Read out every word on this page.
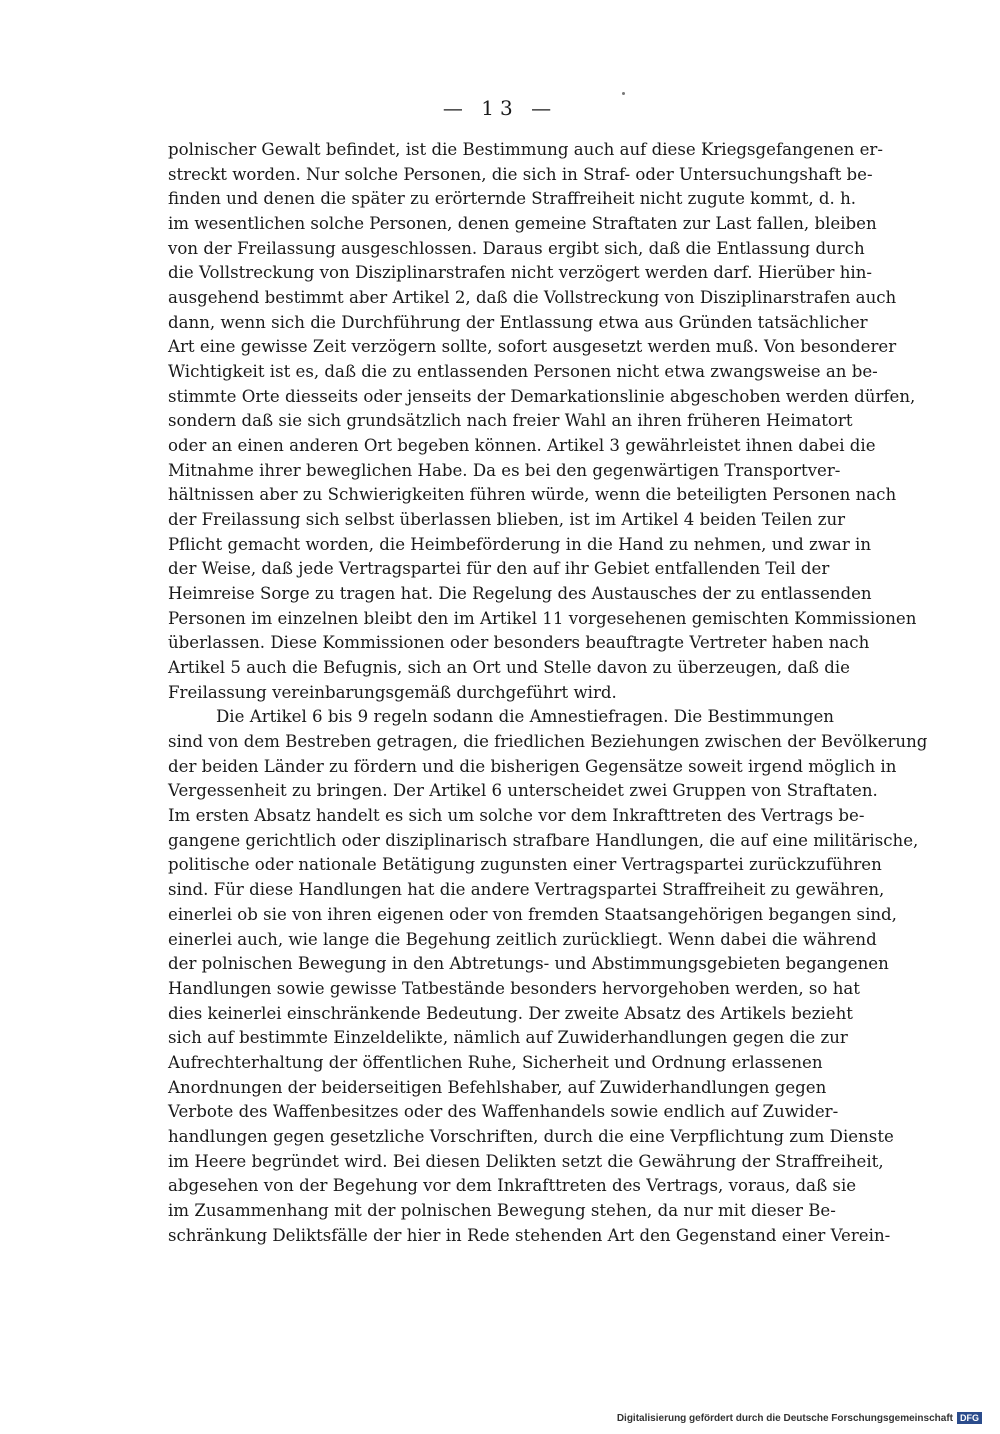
— 13 —
polnischer Gewalt befindet, ist die Bestimmung auch auf diese Kriegsgefangenen er-
streckt worden. Nur solche Personen, die sich in Straf- oder Untersuchungshaft be-
finden und denen die später zu erörternde Straffreiheit nicht zugute kommt, d. h.
im wesentlichen solche Personen, denen gemeine Straftaten zur Last fallen, bleiben
von der Freilassung ausgeschlossen. Daraus ergibt sich, daß die Entlassung durch
die Vollstreckung von Disziplinarstrafen nicht verzögert werden darf. Hierüber hin-
ausgehend bestimmt aber Artikel 2, daß die Vollstreckung von Disziplinarstrafen auch
dann, wenn sich die Durchführung der Entlassung etwa aus Gründen tatsächlicher
Art eine gewisse Zeit verzögern sollte, sofort ausgesetzt werden muß. Von besonderer
Wichtigkeit ist es, daß die zu entlassenden Personen nicht etwa zwangsweise an be-
stimmte Orte diesseits oder jenseits der Demarkationslinie abgeschoben werden dürfen,
sondern daß sie sich grundsätzlich nach freier Wahl an ihren früheren Heimatort
oder an einen anderen Ort begeben können. Artikel 3 gewährleistet ihnen dabei die
Mitnahme ihrer beweglichen Habe. Da es bei den gegenwärtigen Transportver-
hältnissen aber zu Schwierigkeiten führen würde, wenn die beteiligten Personen nach
der Freilassung sich selbst überlassen blieben, ist im Artikel 4 beiden Teilen zur
Pflicht gemacht worden, die Heimbeförderung in die Hand zu nehmen, und zwar in
der Weise, daß jede Vertragspartei für den auf ihr Gebiet entfallenden Teil der
Heimreise Sorge zu tragen hat. Die Regelung des Austausches der zu entlassenden
Personen im einzelnen bleibt den im Artikel 11 vorgesehenen gemischten Kommissionen
überlassen. Diese Kommissionen oder besonders beauftragte Vertreter haben nach
Artikel 5 auch die Befugnis, sich an Ort und Stelle davon zu überzeugen, daß die
Freilassung vereinbarungsgemäß durchgeführt wird.
Die Artikel 6 bis 9 regeln sodann die Amnestiefragen. Die Bestimmungen
sind von dem Bestreben getragen, die friedlichen Beziehungen zwischen der Bevölkerung
der beiden Länder zu fördern und die bisherigen Gegensätze soweit irgend möglich in
Vergessenheit zu bringen. Der Artikel 6 unterscheidet zwei Gruppen von Straftaten.
Im ersten Absatz handelt es sich um solche vor dem Inkrafttreten des Vertrags be-
gangene gerichtlich oder disziplinarisch strafbare Handlungen, die auf eine militärische,
politische oder nationale Betätigung zugunsten einer Vertragspartei zurückzuführen
sind. Für diese Handlungen hat die andere Vertragspartei Straffreiheit zu gewähren,
einerlei ob sie von ihren eigenen oder von fremden Staatsangehörigen begangen sind,
einerlei auch, wie lange die Begehung zeitlich zurückliegt. Wenn dabei die während
der polnischen Bewegung in den Abtretungs- und Abstimmungsgebieten begangenen
Handlungen sowie gewisse Tatbestände besonders hervorgehoben werden, so hat
dies keinerlei einschränkende Bedeutung. Der zweite Absatz des Artikels bezieht
sich auf bestimmte Einzeldelikte, nämlich auf Zuwiderhandlungen gegen die zur
Aufrechterhaltung der öffentlichen Ruhe, Sicherheit und Ordnung erlassenen
Anordnungen der beiderseitigen Befehlshaber, auf Zuwiderhandlungen gegen
Verbote des Waffenbesitzes oder des Waffenhandels sowie endlich auf Zuwider-
handlungen gegen gesetzliche Vorschriften, durch die eine Verpflichtung zum Dienste
im Heere begründet wird. Bei diesen Delikten setzt die Gewährung der Straffreiheit,
abgesehen von der Begehung vor dem Inkrafttreten des Vertrags, voraus, daß sie
im Zusammenhang mit der polnischen Bewegung stehen, da nur mit dieser Be-
schränkung Deliktsfälle der hier in Rede stehenden Art den Gegenstand einer Verein-
Digitalisierung gefördert durch die Deutsche Forschungsgemeinschaft DFG
